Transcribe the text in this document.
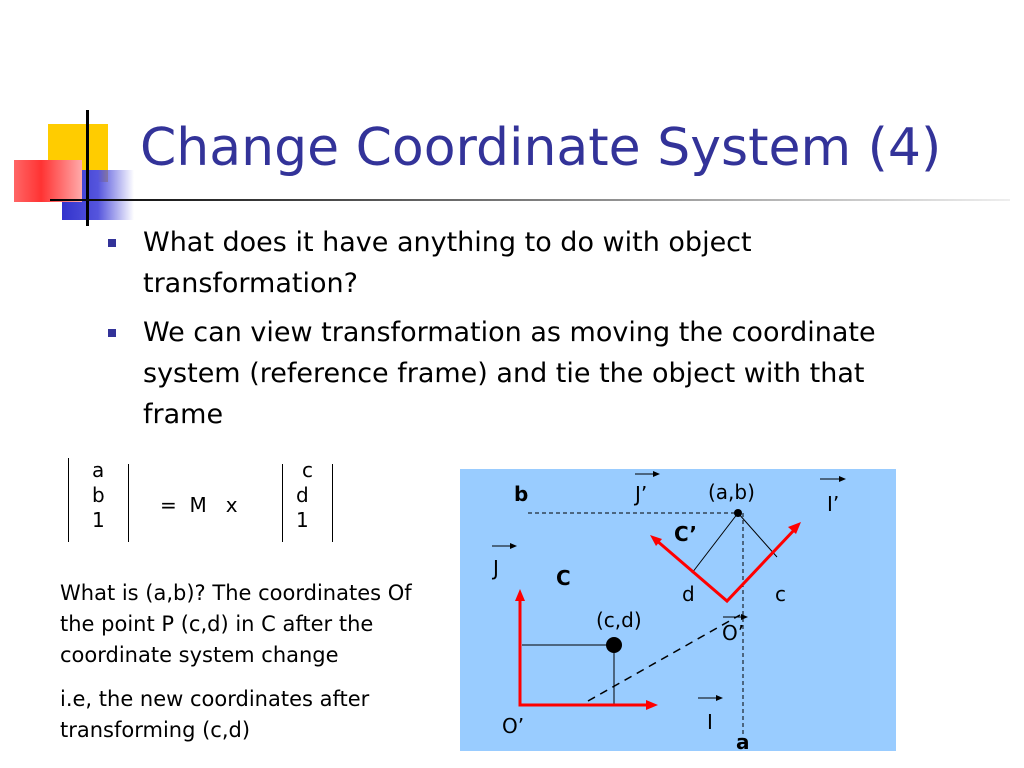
Change Coordinate System (4)
What does it have anything to do with object transformation?
We can view transformation as moving the coordinate system (reference frame) and tie the object with that frame
a
b
1
=  M   x
c
d
1
What is (a,b)? The coordinates Of the point P (c,d) in C after the coordinate system change
i.e, the new coordinates after transforming (c,d)
b	J’	(a,b)	I’
C’
J	C
d	c
(c,d)
O’
O’	I
a
